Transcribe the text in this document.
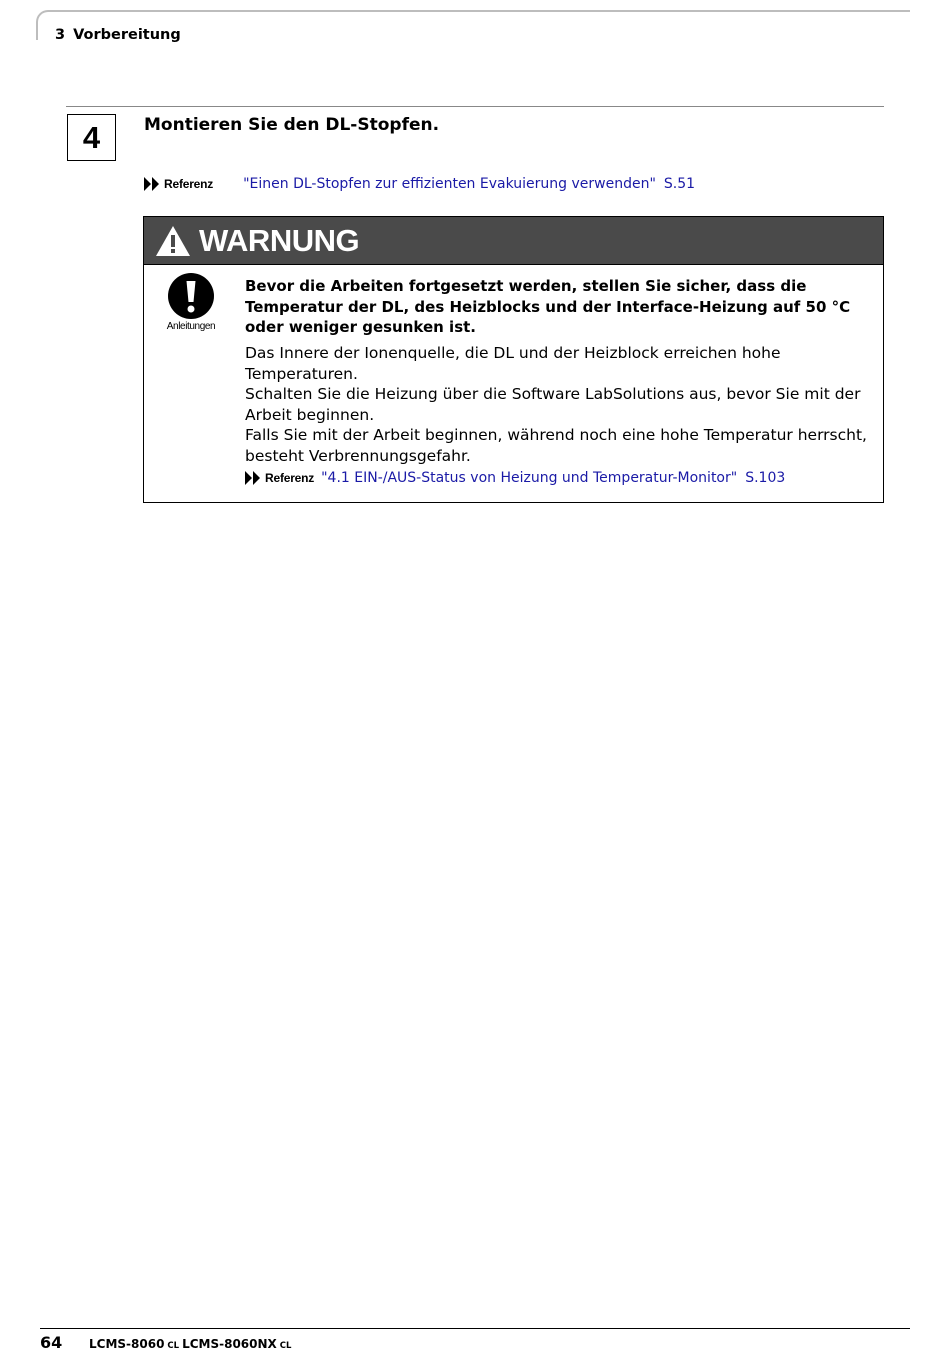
3 Vorbereitung
4	Montieren Sie den DL-Stopfen.
Referenz "Einen DL-Stopfen zur effizienten Evakuierung verwenden" S.51
WARNUNG
Anleitungen
Bevor die Arbeiten fortgesetzt werden, stellen Sie sicher, dass die Temperatur der DL, des Heizblocks und der Interface-Heizung auf 50 °C oder weniger gesunken ist.

Das Innere der Ionenquelle, die DL und der Heizblock erreichen hohe Temperaturen.

Schalten Sie die Heizung über die Software LabSolutions aus, bevor Sie mit der Arbeit beginnen.

Falls Sie mit der Arbeit beginnen, während noch eine hohe Temperatur herrscht, besteht Verbrennungsgefahr.

Referenz "4.1 EIN-/AUS-Status von Heizung und Temperatur-Monitor" S.103
64 LCMS-8060 CL LCMS-8060NX CL
